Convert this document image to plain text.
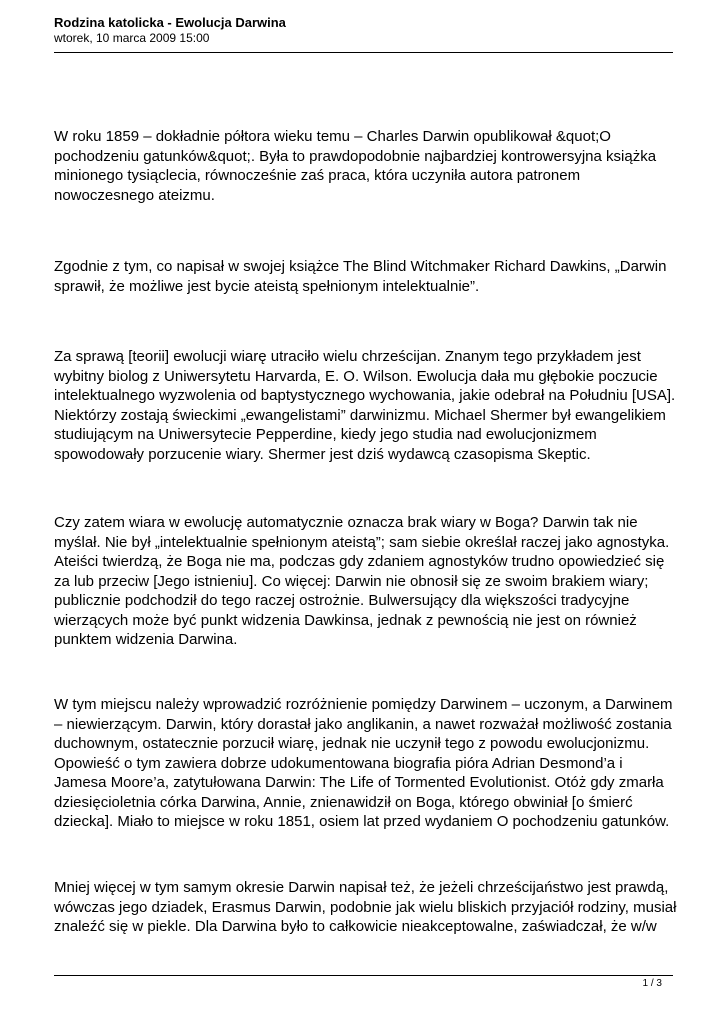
Rodzina katolicka - Ewolucja Darwina

wtorek, 10 marca 2009 15:00

W roku 1859 – dokładnie półtora wieku temu – Charles Darwin opublikował &quot;O pochodzeniu gatunków&quot;. Była to prawdopodobnie najbardziej kontrowersyjna książka minionego tysiąclecia, równocześnie zaś praca, która uczyniła autora patronem nowoczesnego ateizmu.

Zgodnie z tym, co napisał w swojej książce The Blind Witchmaker Richard Dawkins, „Darwin sprawił, że możliwe jest bycie ateistą spełnionym intelektualnie”.

Za sprawą [teorii] ewolucji wiarę utraciło wielu chrześcijan. Znanym tego przykładem jest wybitny biolog z Uniwersytetu Harvarda, E. O. Wilson. Ewolucja dała mu głębokie poczucie intelektualnego wyzwolenia od baptystycznego wychowania, jakie odebrał na Południu [USA]. Niektórzy zostają świeckimi „ewangelistami” darwinizmu. Michael Shermer był ewangelikiem studiującym na Uniwersytecie Pepperdine, kiedy jego studia nad ewolucjonizmem spowodowały porzucenie wiary. Shermer jest dziś wydawcą czasopisma Skeptic.

Czy zatem wiara w ewolucję automatycznie oznacza brak wiary w Boga? Darwin tak nie myślał. Nie był „intelektualnie spełnionym ateistą”; sam siebie określał raczej jako agnostyka. Ateiści twierdzą, że Boga nie ma, podczas gdy zdaniem agnostyków trudno opowiedzieć się za lub przeciw [Jego istnieniu]. Co więcej: Darwin nie obnosił się ze swoim brakiem wiary; publicznie podchodził do tego raczej ostrożnie. Bulwersujący dla większości tradycyjne wierzących może być punkt widzenia Dawkinsa, jednak z pewnością nie jest on również punktem widzenia Darwina.

W tym miejscu należy wprowadzić rozróżnienie pomiędzy Darwinem – uczonym, a Darwinem – niewierzącym. Darwin, który dorastał jako anglikanin, a nawet rozważał możliwość zostania duchownym, ostatecznie porzucił wiarę, jednak nie uczynił tego z powodu ewolucjonizmu. Opowieść o tym zawiera dobrze udokumentowana biografia pióra Adrian Desmond’a i Jamesa Moore’a, zatytułowana Darwin: The Life of Tormented Evolutionist. Otóż gdy zmarła dziesięcioletnia córka Darwina, Annie, znienawidził on Boga, którego obwiniał [o śmierć dziecka]. Miało to miejsce w roku 1851, osiem lat przed wydaniem O pochodzeniu gatunków.

Mniej więcej w tym samym okresie Darwin napisał też, że jeżeli chrześcijaństwo jest prawdą, wówczas jego dziadek, Erasmus Darwin, podobnie jak wielu bliskich przyjaciół rodziny, musiał znaleźć się w piekle. Dla Darwina było to całkowicie nieakceptowalne, zaświadczał, że w/w

1 / 3
